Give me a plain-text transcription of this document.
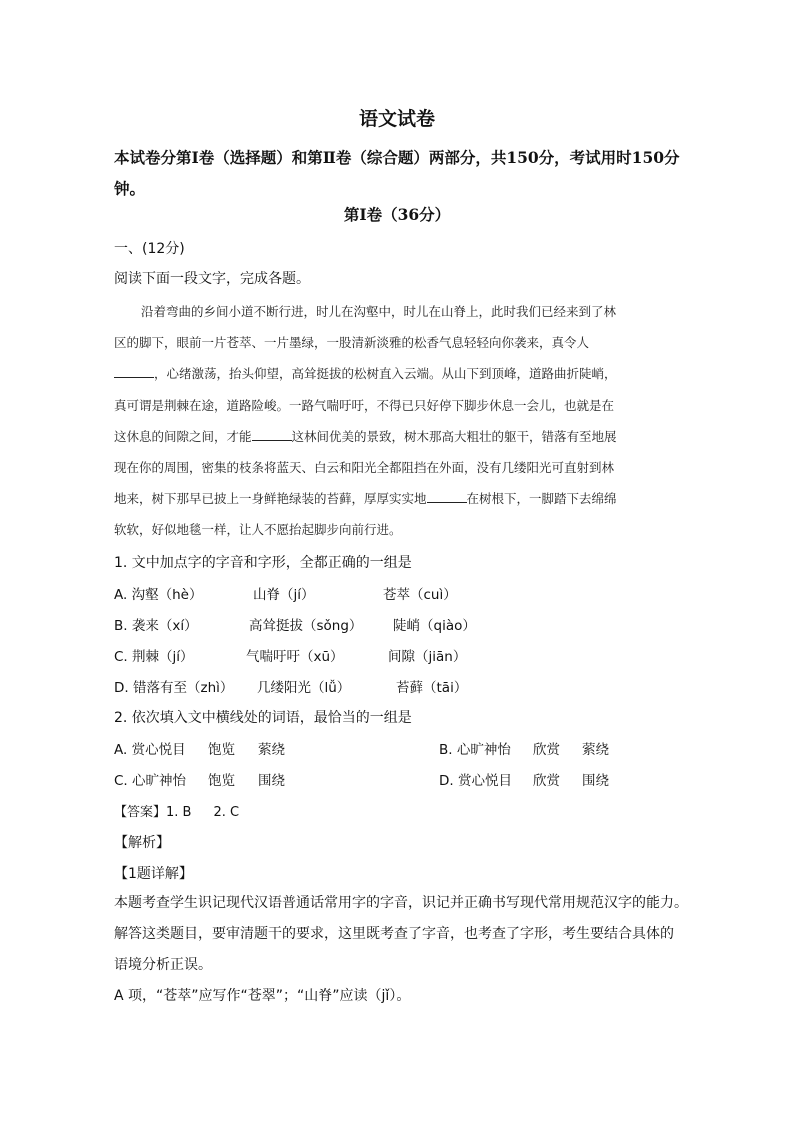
语文试卷
本试卷分第Ⅰ卷（选择题）和第Ⅱ卷（综合题）两部分，共150分，考试用时150分钟。
第Ⅰ卷（36分）
一、(12分)
阅读下面一段文字，完成各题。
沿着弯曲的乡间小道不断行进，时儿在沟壑中，时儿在山脊上，此时我们已经来到了林
区的脚下，眼前一片苍萃、一片墨绿，一股清新淡雅的松香气息轻轻向你袭来，真令人
，心绪激荡，抬头仰望，高耸挺拔的松树直入云端。从山下到顶峰，道路曲折陡峭，
真可谓是荆棘在途，道路险峻。一路气喘吁吁，不得已只好停下脚步休息一会儿，也就是在
这休息的间隙之间，才能	这林间优美的景致，树木那高大粗壮的躯干，错落有至地展
现在你的周围，密集的枝条将蓝天、白云和阳光全都阻挡在外面，没有几缕阳光可直射到林
地来，树下那早已披上一身鲜艳绿装的苔藓，厚厚实实地	在树根下，一脚踏下去绵绵
软软，好似地毯一样，让人不愿抬起脚步向前行进。
1. 文中加点字的字音和字形，全都正确的一组是
A. 沟壑（hè）	山脊（jí）	苍萃（cuì）
B. 袭来（xí）	高耸挺拔（sǒng） 陡峭（qiào）
C. 荆棘（jí）	气喘吁吁（xū）	间隙（jiān）
D. 错落有至（zhì） 几缕阳光（lǚ）	苔藓（tāi）
2. 依次填入文中横线处的词语，最恰当的一组是
A. 赏心悦目 饱览 萦绕	B. 心旷神怡 欣赏 萦绕
C. 心旷神怡 饱览 围绕	D. 赏心悦目 欣赏 围绕
【答案】1. B 2. C
【解析】
【1题详解】
本题考查学生识记现代汉语普通话常用字的字音，识记并正确书写现代常用规范汉字的能力。
解答这类题目，要审清题干的要求，这里既考查了字音，也考查了字形，考生要结合具体的
语境分析正误。
A 项，“苍萃”应写作“苍翠”；“山脊”应读（jǐ）。
